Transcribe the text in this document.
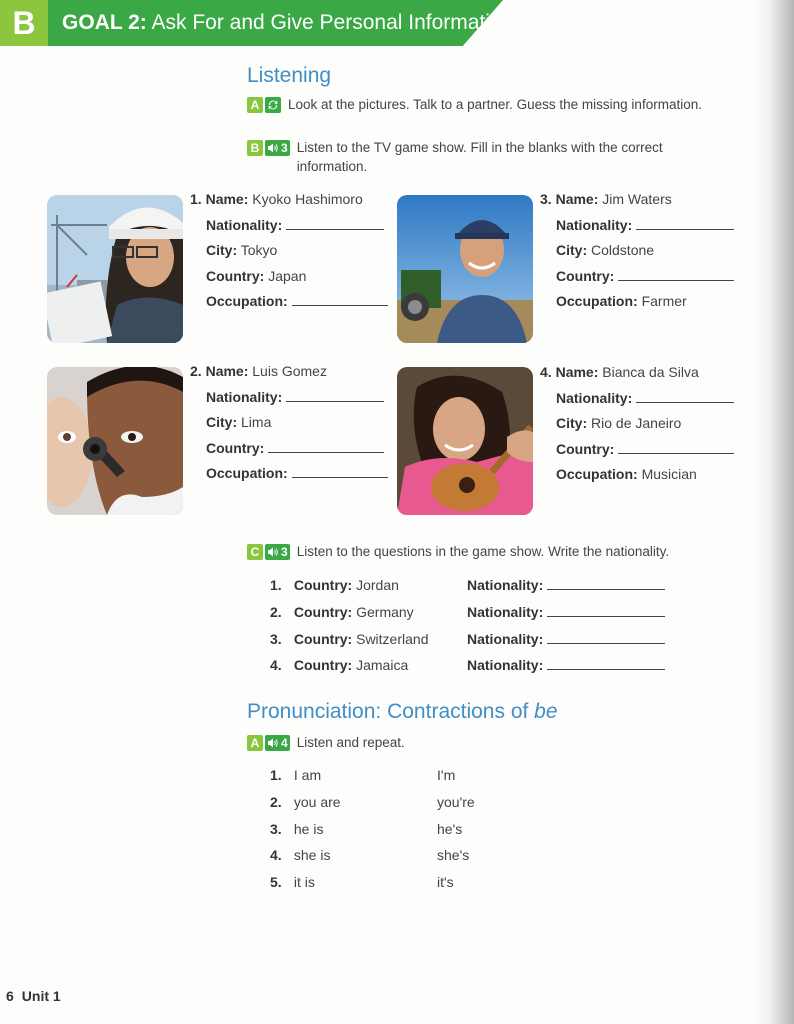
B	GOAL 2: Ask For and Give Personal Information
Listening
A Look at the pictures. Talk to a partner. Guess the missing information.
B	3 Listen to the TV game show. Fill in the blanks with the correct information.
1. Name: Kyoko Hashimoro
Nationality:
City: Tokyo
Country: Japan
Occupation:
3. Name: Jim Waters
Nationality:
City: Coldstone
Country:
Occupation: Farmer
2. Name: Luis Gomez
Nationality:
City: Lima
Country:
Occupation:
4. Name: Bianca da Silva
Nationality:
City: Rio de Janeiro
Country:
Occupation: Musician
C	3 Listen to the questions in the game show. Write the nationality.
1. Country: Jordan	Nationality:
2. Country: Germany	Nationality:
3. Country: Switzerland	Nationality:
4. Country: Jamaica	Nationality:
Pronunciation: Contractions of be
A	4 Listen and repeat.
1. I am	I'm
2. you are	you're
3. he is	he's
4. she is	she's
5. it is	it's
6 Unit 1
